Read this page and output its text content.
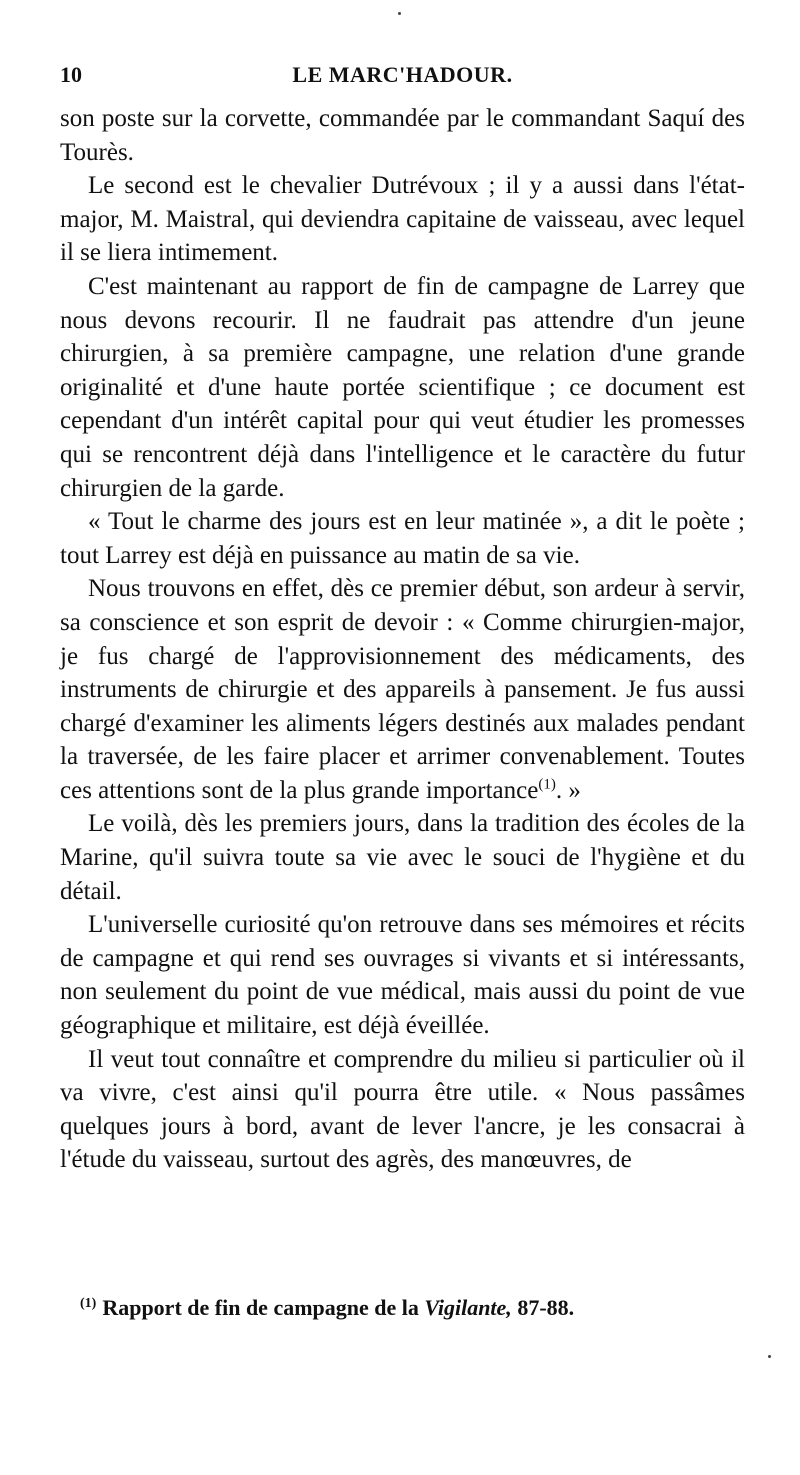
10	LE MARC'HADOUR.

son poste sur la corvette, commandée par le commandant Saquí des Tourès.

Le second est le chevalier Dutrévoux ; il y a aussi dans l'état-major, M. Maistral, qui deviendra capitaine de vaisseau, avec lequel il se liera intimement.

C'est maintenant au rapport de fin de campagne de Larrey que nous devons recourir. Il ne faudrait pas attendre d'un jeune chirurgien, à sa première campagne, une relation d'une grande originalité et d'une haute portée scientifique ; ce document est cependant d'un intérêt capital pour qui veut étudier les promesses qui se rencontrent déjà dans l'intelligence et le caractère du futur chirurgien de la garde.

« Tout le charme des jours est en leur matinée », a dit le poète ; tout Larrey est déjà en puissance au matin de sa vie.

Nous trouvons en effet, dès ce premier début, son ardeur à servir, sa conscience et son esprit de devoir : « Comme chirurgien-major, je fus chargé de l'approvisionnement des médicaments, des instruments de chirurgie et des appareils à pansement. Je fus aussi chargé d'examiner les aliments légers destinés aux malades pendant la traversée, de les faire placer et arrimer convenablement. Toutes ces attentions sont de la plus grande importance$^{(1)}$. »

Le voilà, dès les premiers jours, dans la tradition des écoles de la Marine, qu'il suivra toute sa vie avec le souci de l'hygiène et du détail.

L'universelle curiosité qu'on retrouve dans ses mémoires et récits de campagne et qui rend ses ouvrages si vivants et si intéressants, non seulement du point de vue médical, mais aussi du point de vue géographique et militaire, est déjà éveillée.

Il veut tout connaître et comprendre du milieu si particulier où il va vivre, c'est ainsi qu'il pourra être utile. « Nous passâmes quelques jours à bord, avant de lever l'ancre, je les consacrai à l'étude du vaisseau, surtout des agrès, des manœuvres, de

$^{(1)}$ Rapport de fin de campagne de la Vigilante, 87-88.
